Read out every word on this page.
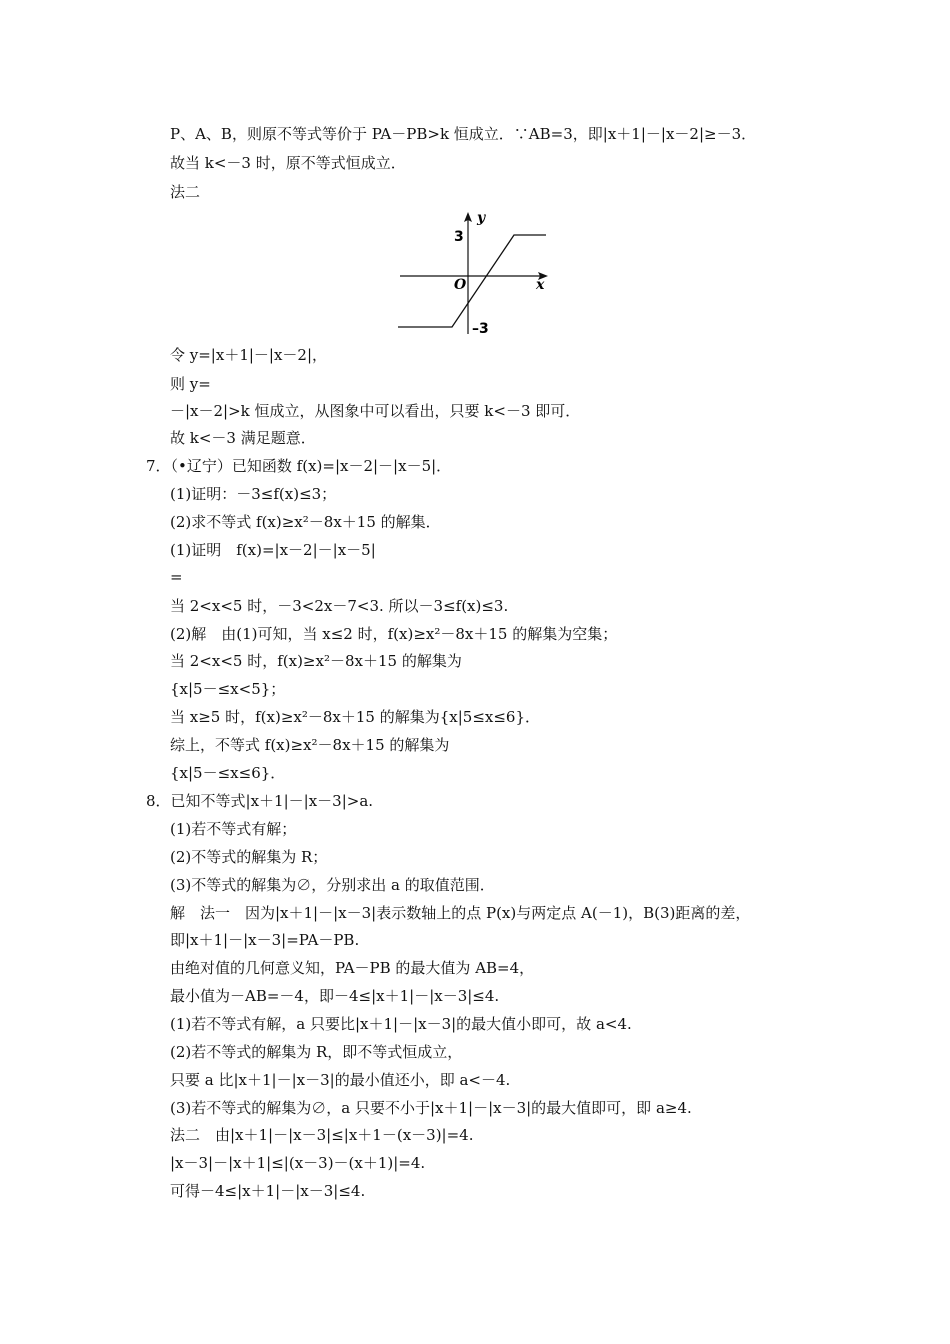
P、A、B，则原不等式等价于 PA－PB>k 恒成立．∵AB=3，即|x＋1|－|x－2|≥－3．
故当 k<－3 时，原不等式恒成立．
法二
y
x
O
3
–3
令 y=|x＋1|－|x－2|，
则 y=
－|x－2|>k 恒成立，从图象中可以看出，只要 k<－3 即可．
故 k<－3 满足题意．
7．（•辽宁）已知函数 f(x)=|x－2|－|x－5|．
(1)证明：－3≤f(x)≤3；
(2)求不等式 f(x)≥x²－8x＋15 的解集．
(1)证明　f(x)=|x－2|－|x－5|
=
当 2<x<5 时，－3<2x－7<3. 所以－3≤f(x)≤3.
(2)解　由(1)可知，当 x≤2 时，f(x)≥x²－8x＋15 的解集为空集；
当 2<x<5 时，f(x)≥x²－8x＋15 的解集为
{x|5－≤x<5}；
当 x≥5 时，f(x)≥x²－8x＋15 的解集为{x|5≤x≤6}．
综上，不等式 f(x)≥x²－8x＋15 的解集为
{x|5－≤x≤6}．
8．已知不等式|x＋1|－|x－3|>a.
(1)若不等式有解；
(2)不等式的解集为 R；
(3)不等式的解集为∅，分别求出 a 的取值范围．
解　法一　因为|x＋1|－|x－3|表示数轴上的点 P(x)与两定点 A(－1)，B(3)距离的差，
即|x＋1|－|x－3|=PA－PB.
由绝对值的几何意义知，PA－PB 的最大值为 AB=4，
最小值为－AB=－4，即－4≤|x＋1|－|x－3|≤4.
(1)若不等式有解，a 只要比|x＋1|－|x－3|的最大值小即可，故 a<4.
(2)若不等式的解集为 R，即不等式恒成立，
只要 a 比|x＋1|－|x－3|的最小值还小，即 a<－4.
(3)若不等式的解集为∅，a 只要不小于|x＋1|－|x－3|的最大值即可，即 a≥4.
法二　由|x＋1|－|x－3|≤|x＋1－(x－3)|=4.
|x－3|－|x＋1|≤|(x－3)－(x＋1)|=4.
可得－4≤|x＋1|－|x－3|≤4.
